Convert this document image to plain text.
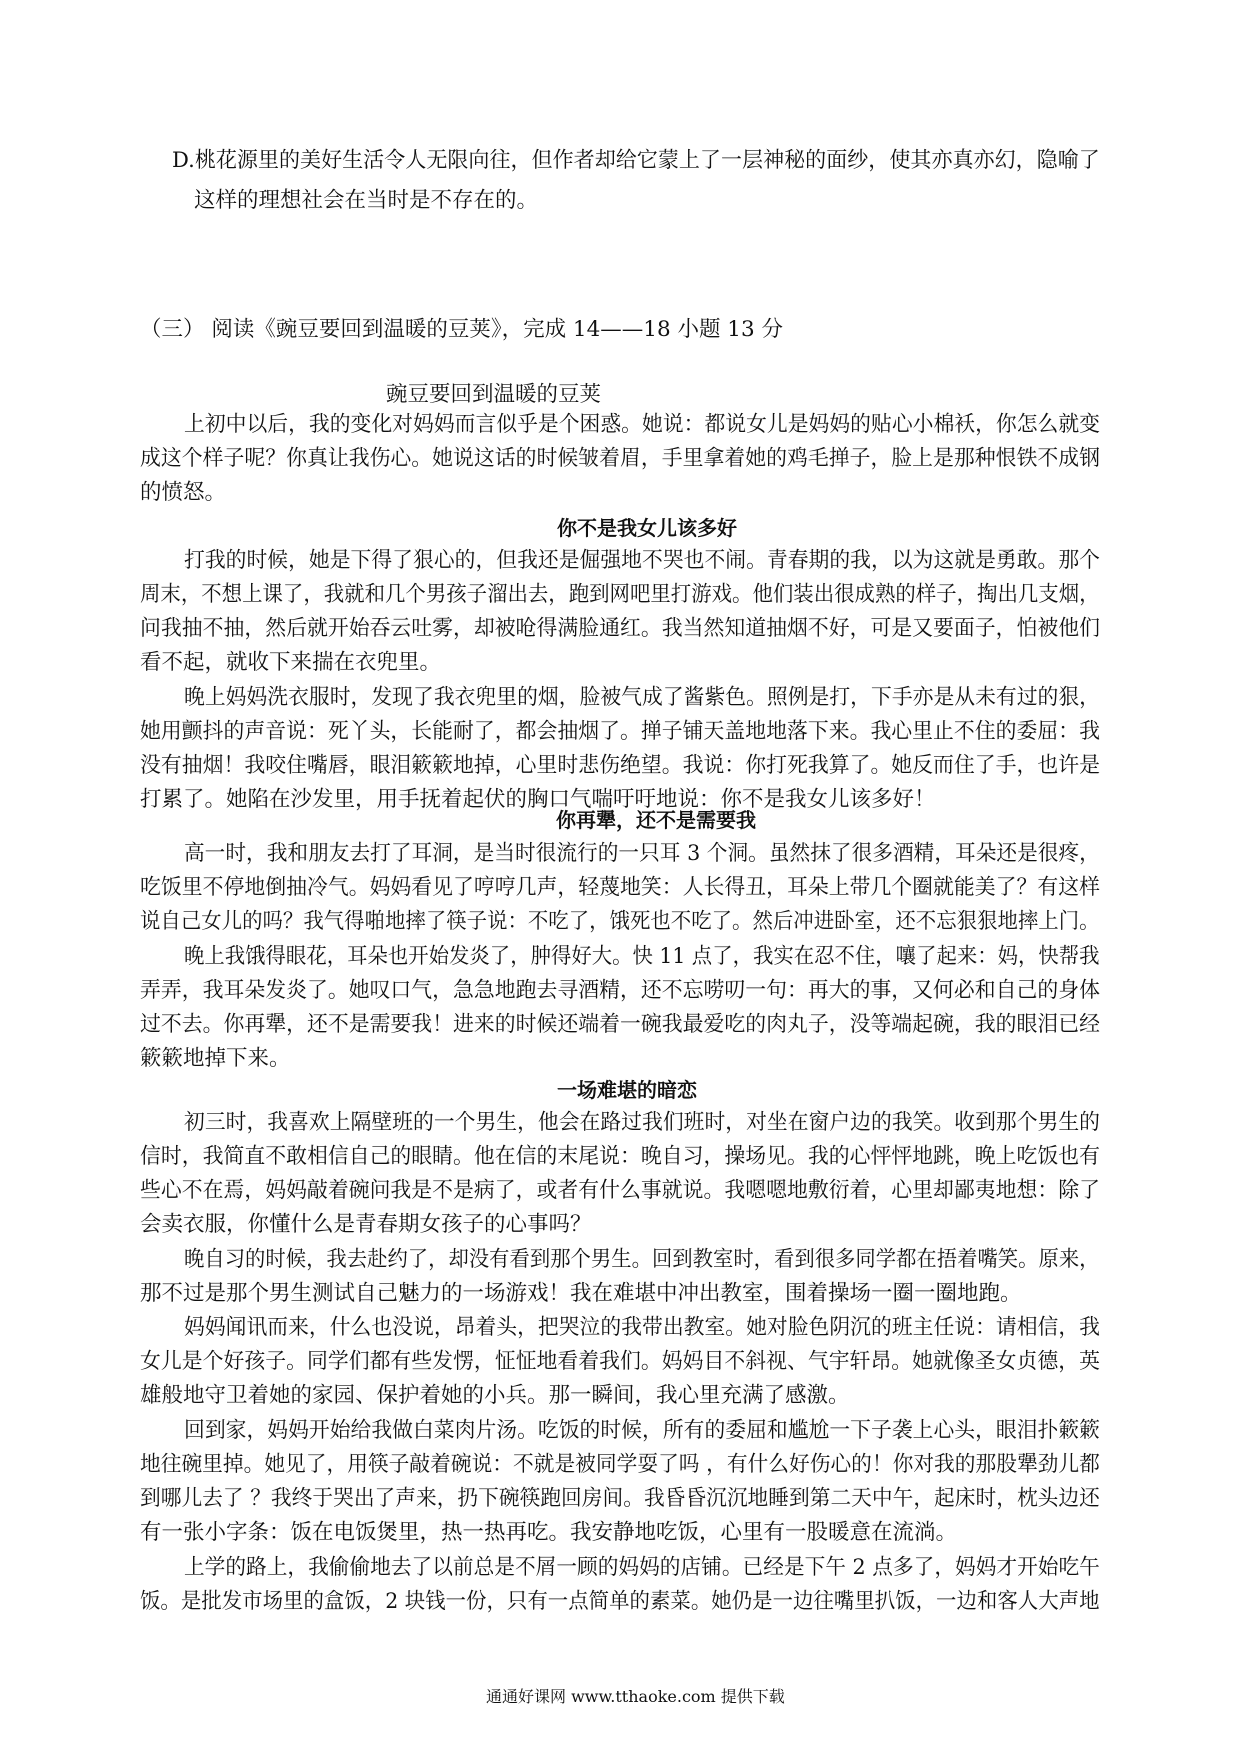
D.桃花源里的美好生活令人无限向往，但作者却给它蒙上了一层神秘的面纱，使其亦真亦幻，隐喻了
这样的理想社会在当时是不存在的。
（三） 阅读《豌豆要回到温暖的豆荚》，完成 14——18 小题 13 分
豌豆要回到温暖的豆荚
上初中以后，我的变化对妈妈而言似乎是个困惑。她说：都说女儿是妈妈的贴心小棉袄，你怎么就变
成这个样子呢？你真让我伤心。她说这话的时候皱着眉，手里拿着她的鸡毛掸子，脸上是那种恨铁不成钢
的愤怒。
你不是我女儿该多好
打我的时候，她是下得了狠心的，但我还是倔强地不哭也不闹。青春期的我，以为这就是勇敢。那个
周末，不想上课了，我就和几个男孩子溜出去，跑到网吧里打游戏。他们装出很成熟的样子，掏出几支烟，
问我抽不抽，然后就开始吞云吐雾，却被呛得满脸通红。我当然知道抽烟不好，可是又要面子，怕被他们
看不起，就收下来揣在衣兜里。
晚上妈妈洗衣服时，发现了我衣兜里的烟，脸被气成了酱紫色。照例是打，下手亦是从未有过的狠，
她用颤抖的声音说：死丫头，长能耐了，都会抽烟了。掸子铺天盖地地落下来。我心里止不住的委屈：我
没有抽烟！我咬住嘴唇，眼泪簌簌地掉，心里时悲伤绝望。我说：你打死我算了。她反而住了手，也许是
打累了。她陷在沙发里，用手抚着起伏的胸口气喘吁吁地说：你不是我女儿该多好！
你再犟，还不是需要我
高一时，我和朋友去打了耳洞，是当时很流行的一只耳 3 个洞。虽然抹了很多酒精，耳朵还是很疼，
吃饭里不停地倒抽冷气。妈妈看见了哼哼几声，轻蔑地笑：人长得丑，耳朵上带几个圈就能美了？有这样
说自己女儿的吗？我气得啪地摔了筷子说：不吃了，饿死也不吃了。然后冲进卧室，还不忘狠狠地摔上门。
晚上我饿得眼花，耳朵也开始发炎了，肿得好大。快 11 点了，我实在忍不住，嚷了起来：妈，快帮我
弄弄，我耳朵发炎了。她叹口气，急急地跑去寻酒精，还不忘唠叨一句：再大的事，又何必和自己的身体
过不去。你再犟，还不是需要我！进来的时候还端着一碗我最爱吃的肉丸子，没等端起碗，我的眼泪已经
簌簌地掉下来。
一场难堪的暗恋
初三时，我喜欢上隔壁班的一个男生，他会在路过我们班时，对坐在窗户边的我笑。收到那个男生的
信时，我简直不敢相信自己的眼睛。他在信的末尾说：晚自习，操场见。我的心怦怦地跳，晚上吃饭也有
些心不在焉，妈妈敲着碗问我是不是病了，或者有什么事就说。我嗯嗯地敷衍着，心里却鄙夷地想：除了
会卖衣服，你懂什么是青春期女孩子的心事吗？
晚自习的时候，我去赴约了，却没有看到那个男生。回到教室时，看到很多同学都在捂着嘴笑。原来，
那不过是那个男生测试自己魅力的一场游戏！我在难堪中冲出教室，围着操场一圈一圈地跑。
妈妈闻讯而来，什么也没说，昂着头，把哭泣的我带出教室。她对脸色阴沉的班主任说：请相信，我
女儿是个好孩子。同学们都有些发愣，怔怔地看着我们。妈妈目不斜视、气宇轩昂。她就像圣女贞德，英
雄般地守卫着她的家园、保护着她的小兵。那一瞬间，我心里充满了感激。
回到家，妈妈开始给我做白菜肉片汤。吃饭的时候，所有的委屈和尴尬一下子袭上心头，眼泪扑簌簌
地往碗里掉。她见了，用筷子敲着碗说：不就是被同学耍了吗 ，有什么好伤心的！你对我的那股犟劲儿都
到哪儿去了 ？我终于哭出了声来，扔下碗筷跑回房间。我昏昏沉沉地睡到第二天中午，起床时，枕头边还
有一张小字条：饭在电饭煲里，热一热再吃。我安静地吃饭，心里有一股暖意在流淌。
上学的路上，我偷偷地去了以前总是不屑一顾的妈妈的店铺。已经是下午 2 点多了，妈妈才开始吃午
饭。是批发市场里的盒饭，2 块钱一份，只有一点简单的素菜。她仍是一边往嘴里扒饭，一边和客人大声地
通通好课网 www.tthaoke.com 提供下载
